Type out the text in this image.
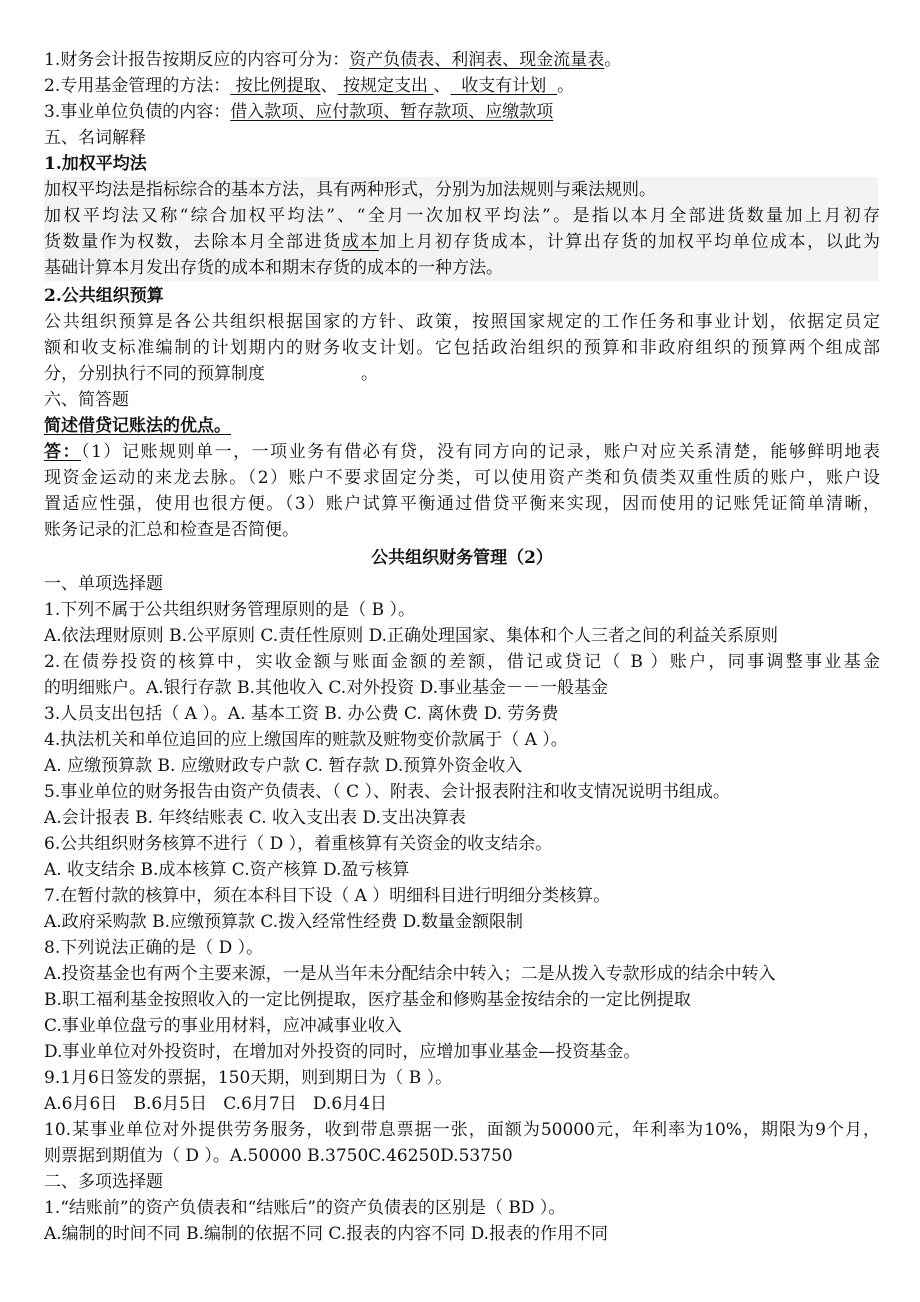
1.财务会计报告按期反应的内容可分为：资产负债表、利润表、现金流量表。
2.专用基金管理的方法： 按比例提取、 按规定支出 、  收支有计划  。
3.事业单位负债的内容：借入款项、应付款项、暂存款项、应缴款项
五、名词解释
1.加权平均法
加权平均法是指标综合的基本方法，具有两种形式，分别为加法规则与乘法规则。
加权平均法又称“综合加权平均法”、“全月一次加权平均法”。是指以本月全部进货数量加上月初存
货数量作为权数，去除本月全部进货成本加上月初存货成本，计算出存货的加权平均单位成本，以此为
基础计算本月发出存货的成本和期末存货的成本的一种方法。
2.公共组织预算
公共组织预算是各公共组织根据国家的方针、政策，按照国家规定的工作任务和事业计划，依据定员定
额和收支标准编制的计划期内的财务收支计划。它包括政治组织的预算和非政府组织的预算两个组成部
分，分别执行不同的预算制度	。
六、简答题
简述借贷记账法的优点。
答：（1）记账规则单一，一项业务有借必有贷，没有同方向的记录，账户对应关系清楚，能够鲜明地表
现资金运动的来龙去脉。（2）账户不要求固定分类，可以使用资产类和负债类双重性质的账户，账户设
置适应性强，使用也很方便。（3）账户试算平衡通过借贷平衡来实现，因而使用的记账凭证简单清晰，
账务记录的汇总和检查是否简便。
公共组织财务管理（2）
一、单项选择题
1.下列不属于公共组织财务管理原则的是（ B ）。
A.依法理财原则 B.公平原则 C.责任性原则 D.正确处理国家、集体和个人三者之间的利益关系原则
2.在债券投资的核算中，实收金额与账面金额的差额，借记或贷记（ B ）账户，同事调整事业基金
的明细账户。A.银行存款 B.其他收入 C.对外投资 D.事业基金－－一般基金
3.人员支出包括（ A ）。A. 基本工资 B. 办公费 C. 离休费 D. 劳务费
4.执法机关和单位追回的应上缴国库的赃款及赃物变价款属于（ A ）。
A. 应缴预算款 B. 应缴财政专户款 C. 暂存款 D.预算外资金收入
5.事业单位的财务报告由资产负债表、（ C ）、附表、会计报表附注和收支情况说明书组成。
A.会计报表 B. 年终结账表 C. 收入支出表 D.支出决算表
6.公共组织财务核算不进行（ D ），着重核算有关资金的收支结余。
A. 收支结余 B.成本核算 C.资产核算 D.盈亏核算
7.在暂付款的核算中，须在本科目下设（ A ）明细科目进行明细分类核算。
A.政府采购款 B.应缴预算款 C.拨入经常性经费 D.数量金额限制
8.下列说法正确的是（ D ）。
A.投资基金也有两个主要来源，一是从当年未分配结余中转入；二是从拨入专款形成的结余中转入
B.职工福利基金按照收入的一定比例提取，医疗基金和修购基金按结余的一定比例提取
C.事业单位盘亏的事业用材料，应冲减事业收入
D.事业单位对外投资时，在增加对外投资的同时，应增加事业基金—投资基金。
9.1月6日签发的票据，150天期，则到期日为（ B ）。
A.6月6日   B.6月5日   C.6月7日   D.6月4日
10.某事业单位对外提供劳务服务，收到带息票据一张，面额为50000元，年利率为10%，期限为9个月，
则票据到期值为（ D ）。A.50000 B.3750C.46250D.53750
二、多项选择题
1.“结账前”的资产负债表和“结账后”的资产负债表的区别是（ BD ）。
A.编制的时间不同 B.编制的依据不同 C.报表的内容不同 D.报表的作用不同
